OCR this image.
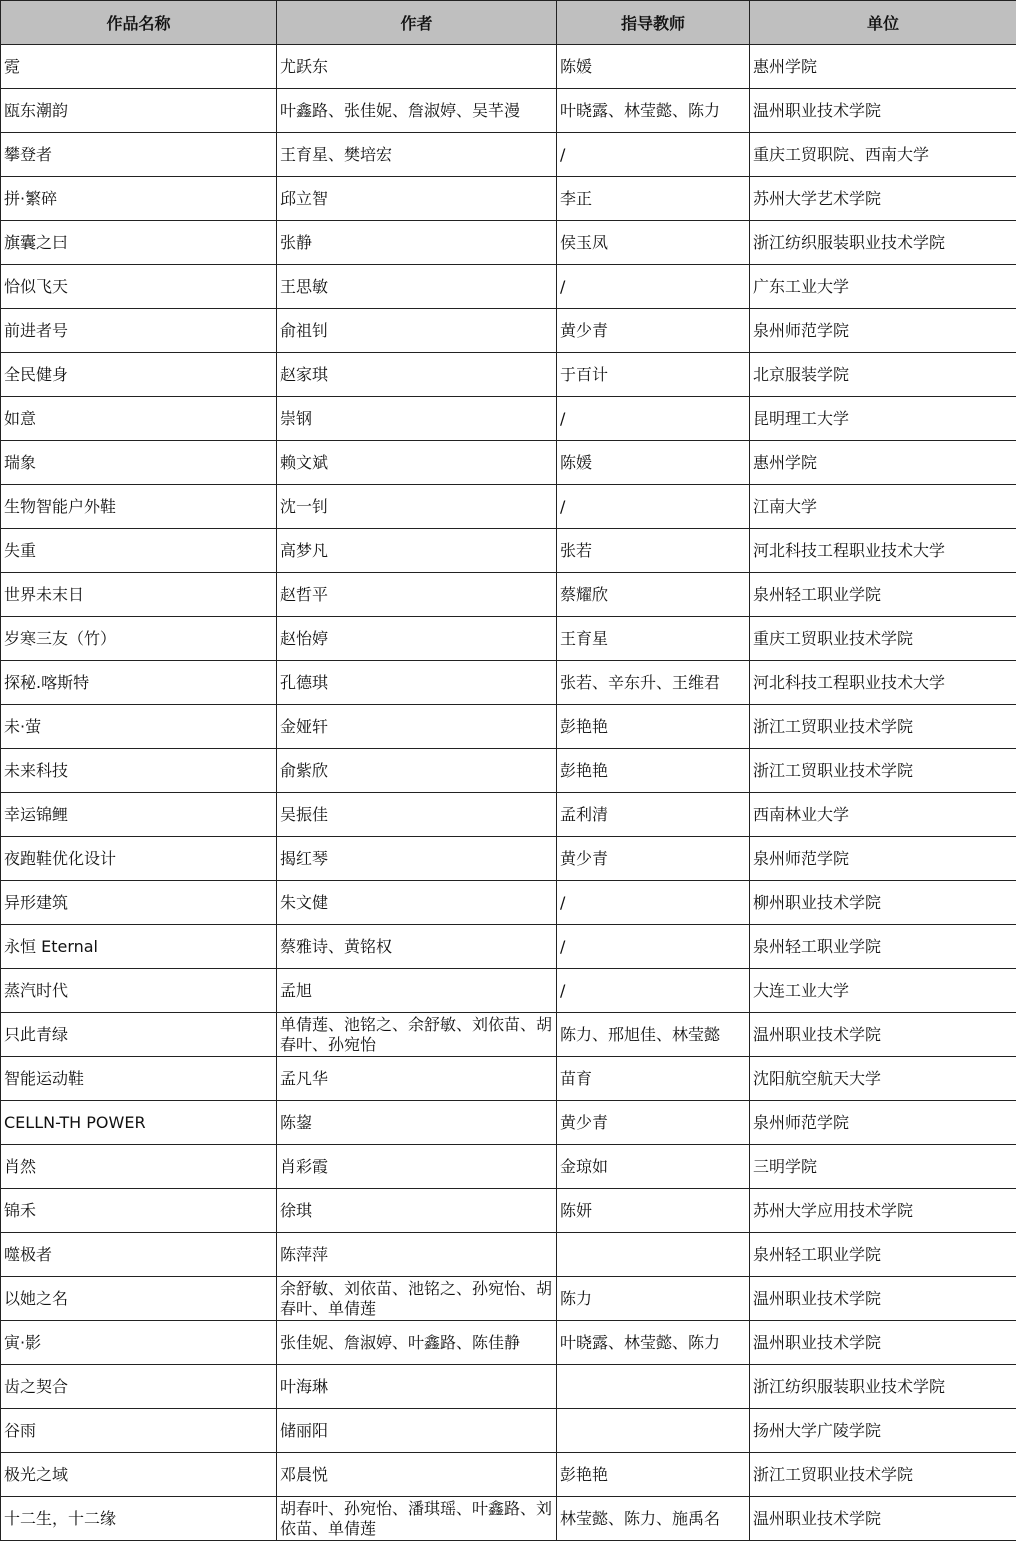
作品名称	作者	指导教师	单位
霓	尤跃东	陈媛	惠州学院
瓯东潮韵	叶鑫路、张佳妮、詹淑婷、吴芊漫	叶晓露、林莹懿、陈力	温州职业技术学院
攀登者	王育星、樊培宏	/	重庆工贸职院、西南大学
拼·繁碎	邱立智	李正	苏州大学艺术学院
旗囊之曰	张静	侯玉凤	浙江纺织服装职业技术学院
恰似飞天	王思敏	/	广东工业大学
前进者号	俞祖钊	黄少青	泉州师范学院
全民健身	赵家琪	于百计	北京服装学院
如意	崇钢	/	昆明理工大学
瑞象	赖文斌	陈媛	惠州学院
生物智能户外鞋	沈一钊	/	江南大学
失重	高梦凡	张若	河北科技工程职业技术大学
世界未末日	赵哲平	蔡耀欣	泉州轻工职业学院
岁寒三友（竹）	赵怡婷	王育星	重庆工贸职业技术学院
探秘.喀斯特	孔德琪	张若、辛东升、王维君	河北科技工程职业技术大学
未·萤	金娅轩	彭艳艳	浙江工贸职业技术学院
未来科技	俞紫欣	彭艳艳	浙江工贸职业技术学院
幸运锦鲤	吴振佳	孟利清	西南林业大学
夜跑鞋优化设计	揭红琴	黄少青	泉州师范学院
异形建筑	朱文健	/	柳州职业技术学院
永恒 Eternal	蔡雅诗、黄铭权	/	泉州轻工职业学院
蒸汽时代	孟旭	/	大连工业大学
只此青绿	单倩莲、池铭之、余舒敏、刘依苗、胡春叶、孙宛怡	陈力、邢旭佳、林莹懿	温州职业技术学院
智能运动鞋	孟凡华	苗育	沈阳航空航天大学
CELLN-TH POWER	陈鋆	黄少青	泉州师范学院
肖然	肖彩霞	金琼如	三明学院
锦禾	徐琪	陈妍	苏州大学应用技术学院
噬极者	陈萍萍		泉州轻工职业学院
以她之名	余舒敏、刘依苗、池铭之、孙宛怡、胡春叶、单倩莲	陈力	温州职业技术学院
寅·影	张佳妮、詹淑婷、叶鑫路、陈佳静	叶晓露、林莹懿、陈力	温州职业技术学院
齿之契合	叶海琳		浙江纺织服装职业技术学院
谷雨	储丽阳		扬州大学广陵学院
极光之域	邓晨悦	彭艳艳	浙江工贸职业技术学院
十二生，十二缘	胡春叶、孙宛怡、潘琪瑶、叶鑫路、刘依苗、单倩莲	林莹懿、陈力、施禹名	温州职业技术学院
